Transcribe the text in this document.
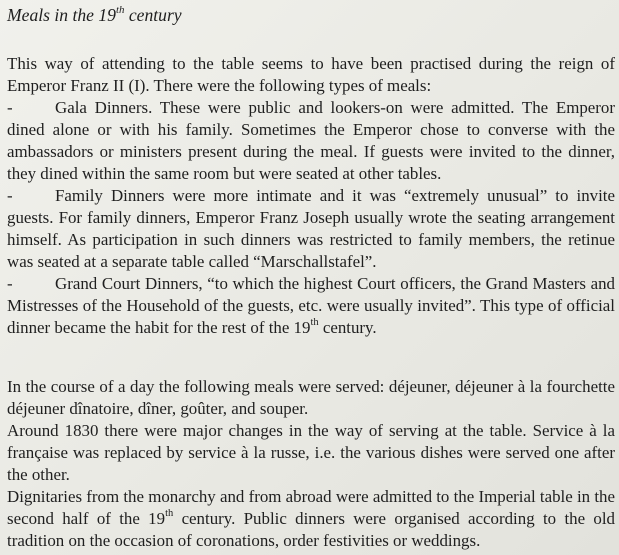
Meals in the 19th century

This way of attending to the table seems to have been practised during the reign of Emperor Franz II (I). There were the following types of meals:

-	Gala Dinners. These were public and lookers-on were admitted. The Emperor dined alone or with his family. Sometimes the Emperor chose to converse with the ambassadors or ministers present during the meal. If guests were invited to the dinner, they dined within the same room but were seated at other tables.

-	Family Dinners were more intimate and it was “extremely unusual” to invite guests. For family dinners, Emperor Franz Joseph usually wrote the seating arrangement himself. As participation in such dinners was restricted to family members, the retinue was seated at a separate table called “Marschallstafel”.

-	Grand Court Dinners, “to which the highest Court officers, the Grand Masters and Mistresses of the Household of the guests, etc. were usually invited”. This type of official dinner became the habit for the rest of the 19th century.

In the course of a day the following meals were served: déjeuner, déjeuner à la fourchette déjeuner dînatoire, dîner, goûter, and souper.

Around 1830 there were major changes in the way of serving at the table. Service à la française was replaced by service à la russe, i.e. the various dishes were served one after the other.

Dignitaries from the monarchy and from abroad were admitted to the Imperial table in the second half of the 19th century. Public dinners were organised according to the old tradition on the occasion of coronations, order festivities or weddings.
